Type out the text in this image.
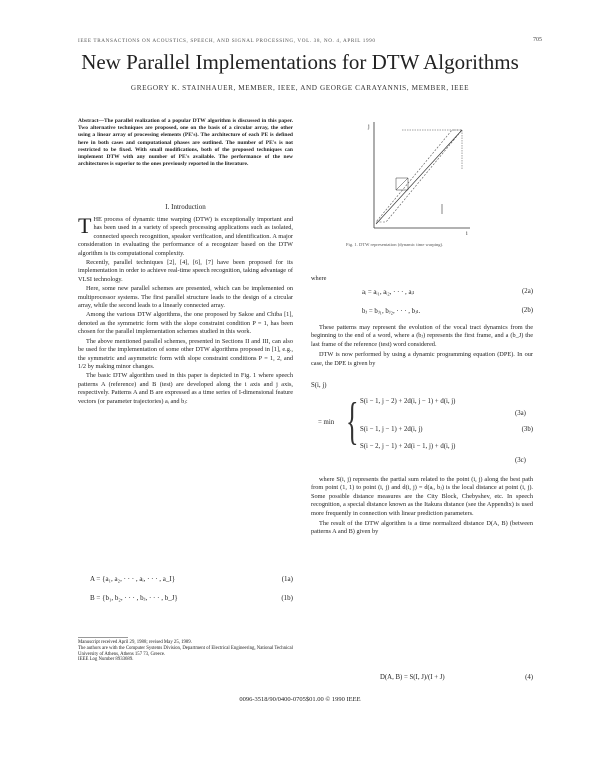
IEEE TRANSACTIONS ON ACOUSTICS, SPEECH, AND SIGNAL PROCESSING, VOL. 38, NO. 4, APRIL 1990	705
New Parallel Implementations for DTW Algorithms
GREGORY K. STAINHAUER, MEMBER, IEEE, AND GEORGE CARAYANNIS, MEMBER, IEEE
Abstract—The parallel realization of a popular DTW algorithm is discussed in this paper. Two alternative techniques are proposed, one on the basis of a circular array, the other using a linear array of processing elements (PE's). The architecture of each PE is defined here in both cases and computational phases are outlined. The number of PE's is not restricted to be fixed. With small modifications, both of the proposed techniques can implement DTW with any number of PE's available. The performance of the new architectures is superior to the ones previously reported in the literature.
I. Introduction

THE process of dynamic time warping (DTW) is exceptionally important and has been used in a variety of speech processing applications such as isolated, connected speech recognition, speaker verification, and identification. A major consideration in evaluating the performance of a recognizer based on the DTW algorithm is its computational complexity.

Recently, parallel techniques [2], [4], [6], [7] have been proposed for its implementation in order to achieve real-time speech recognition, taking advantage of VLSI technology.

Here, some new parallel schemes are presented, which can be implemented on multiprocessor systems. The first parallel structure leads to the design of a circular array, while the second leads to a linearly connected array.

Among the various DTW algorithms, the one proposed by Sakoe and Chiba [1], denoted as the symmetric form with the slope constraint condition P = 1, has been chosen for the parallel implementation schemes studied in this work.

The above mentioned parallel schemes, presented in Sections II and III, can also be used for the implementation of some other DTW algorithms proposed in [1], e.g., the symmetric and asymmetric form with slope constraint conditions P = 1, 2, and 1/2 by making minor changes.

The basic DTW algorithm used in this paper is depicted in Fig. 1 where speech patterns A (reference) and B (test) are developed along the i axis and j axis, respectively. Patterns A and B are expressed as a time series of I-dimensional feature vectors (or parameter trajectories) aᵢ and bⱼ:

A = {a₁, a₂, · · · , aᵢ, · · · , a_I}	(1a)
B = {b₁, b₂, · · · , bⱼ, · · · , b_J}	(1b)
Manuscript received April 29, 1988; revised May 25, 1989.
The authors are with the Computer Systems Division, Department of Electrical Engineering, National Technical University of Athens, Athens 157 73, Greece.
IEEE Log Number 8933689.
j
i
Fig. 1. DTW representation (dynamic time warping).
where
aᵢ = aᵢ₁, aᵢ₂, · · · , aᵢₗ	(2a)
bⱼ = bⱼ₁, bⱼ₂, · · · , bⱼₗ.	(2b)

These patterns may represent the evolution of the vocal tract dynamics from the beginning to the end of a word, where a (bⱼ) represents the first frame, and a (b_J) the last frame of the reference (test) word considered.

DTW is now performed by using a dynamic programming equation (DPE). In our case, the DPE is given by

S(i, j)
= min { S(i − 1, j − 2) + 2d(i, j − 1) + d(i, j)
(3a)
S(i − 1, j − 1) + 2d(i, j)	(3b)
S(i − 2, j − 1) + 2d(i − 1, j) + d(i, j)
(3c)

where S(i, j) represents the partial sum related to the point (i, j) along the best path from point (1, 1) to point (i, j) and d(i, j) = d(aᵢ, bⱼ) is the local distance at point (i, j). Some possible distance measures are the City Block, Chebyshev, etc. In speech recognition, a special distance known as the Itakura distance (see the Appendix) is used more frequently in connection with linear prediction parameters.

The result of the DTW algorithm is a time normalized distance D(A, B) (between patterns A and B) given by

D(A, B) = S(I, J)/(I + J)	(4)
0096-3518/90/0400-0705$01.00 © 1990 IEEE
